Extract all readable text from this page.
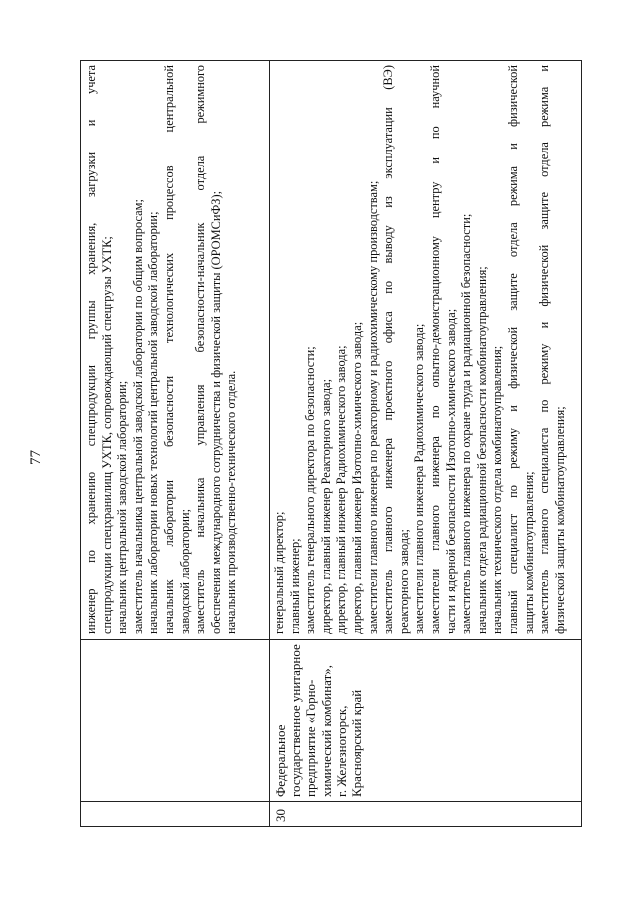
77	инженер по хранению спецпродукции группы хранения, загрузки и учета спецпродукции спецхранилищ УХТК, сопровождающий спецгрузы УХТК; начальник центральной заводской лаборатории; заместитель начальника центральной заводской лаборатории по общим вопросам; начальник лаборатории новых технологий центральной заводской лаборатории; начальник лаборатории безопасности технологических процессов центральной заводской лаборатории; заместитель начальника управления безопасности-начальник отдела режимного обеспечения международного сотрудничества и физической защиты (ОРОМСиФЗ); начальник производственно-технического отдела.
30
Федеральное государственное унитарное предприятие «Горно- химический комбинат», г. Железногорск, Красноярский край
генеральный директор; главный инженер; заместитель генерального директора по безопасности; директор, главный инженер Реакторного завода; директор, главный инженер Радиохимического завода; директор, главный инженер Изотопно-химического завода; заместители главного инженера по реакторному и радиохимическому производствам; заместитель главного инженера проектного офиса по выводу из эксплуатации (ВЭ) реакторного завода; заместители главного инженера Радиохимического завода; заместители главного инженера по опытно-демонстрационному центру и по научной части и ядерной безопасности Изотопно-химического завода; заместитель главного инженера по охране труда и радиационной безопасности; начальник отдела радиационной безопасности комбинатоуправления; начальник технического отдела комбинатоуправления; главный специалист по режиму и физической защите отдела режима и физической защиты комбинатоуправления; заместитель главного специалиста по режиму и физической защите отдела режима и физической защиты комбинатоуправления;
